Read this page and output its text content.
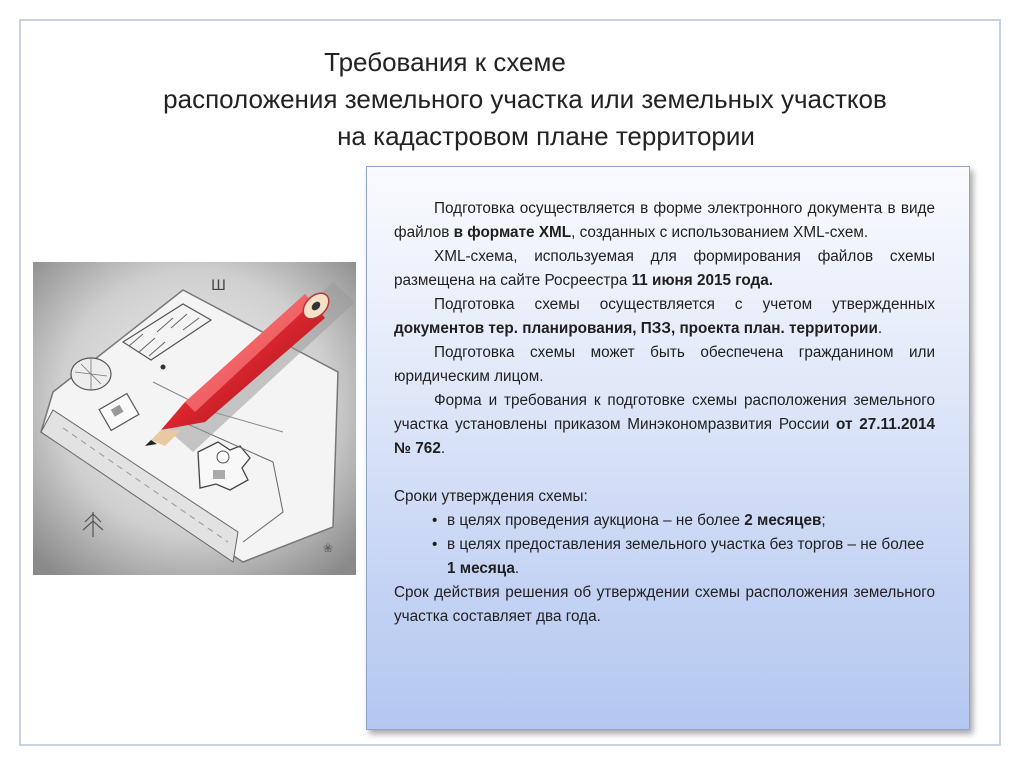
Требования к схеме
расположения земельного участка или земельных участков
на кадастровом плане территории
Ш
❀

Подготовка осуществляется в форме электронного документа в виде файлов в формате XML, созданных с использованием XML-схем.

XML-схема, используемая для формирования файлов схемы размещена на сайте Росреестра 11 июня 2015 года.

Подготовка схемы осуществляется с учетом утвержденных документов тер. планирования, ПЗЗ, проекта план. территории.

Подготовка схемы может быть обеспечена гражданином или юридическим лицом.

Форма и требования к подготовке схемы расположения земельного участка установлены приказом Минэкономразвития России от 27.11.2014 № 762.

Сроки утверждения схемы:

• в целях проведения аукциона – не более 2 месяцев;
• в целях предоставления земельного участка без торгов – не более 1 месяца.

Срок действия решения об утверждении схемы расположения земельного участка составляет два года.
